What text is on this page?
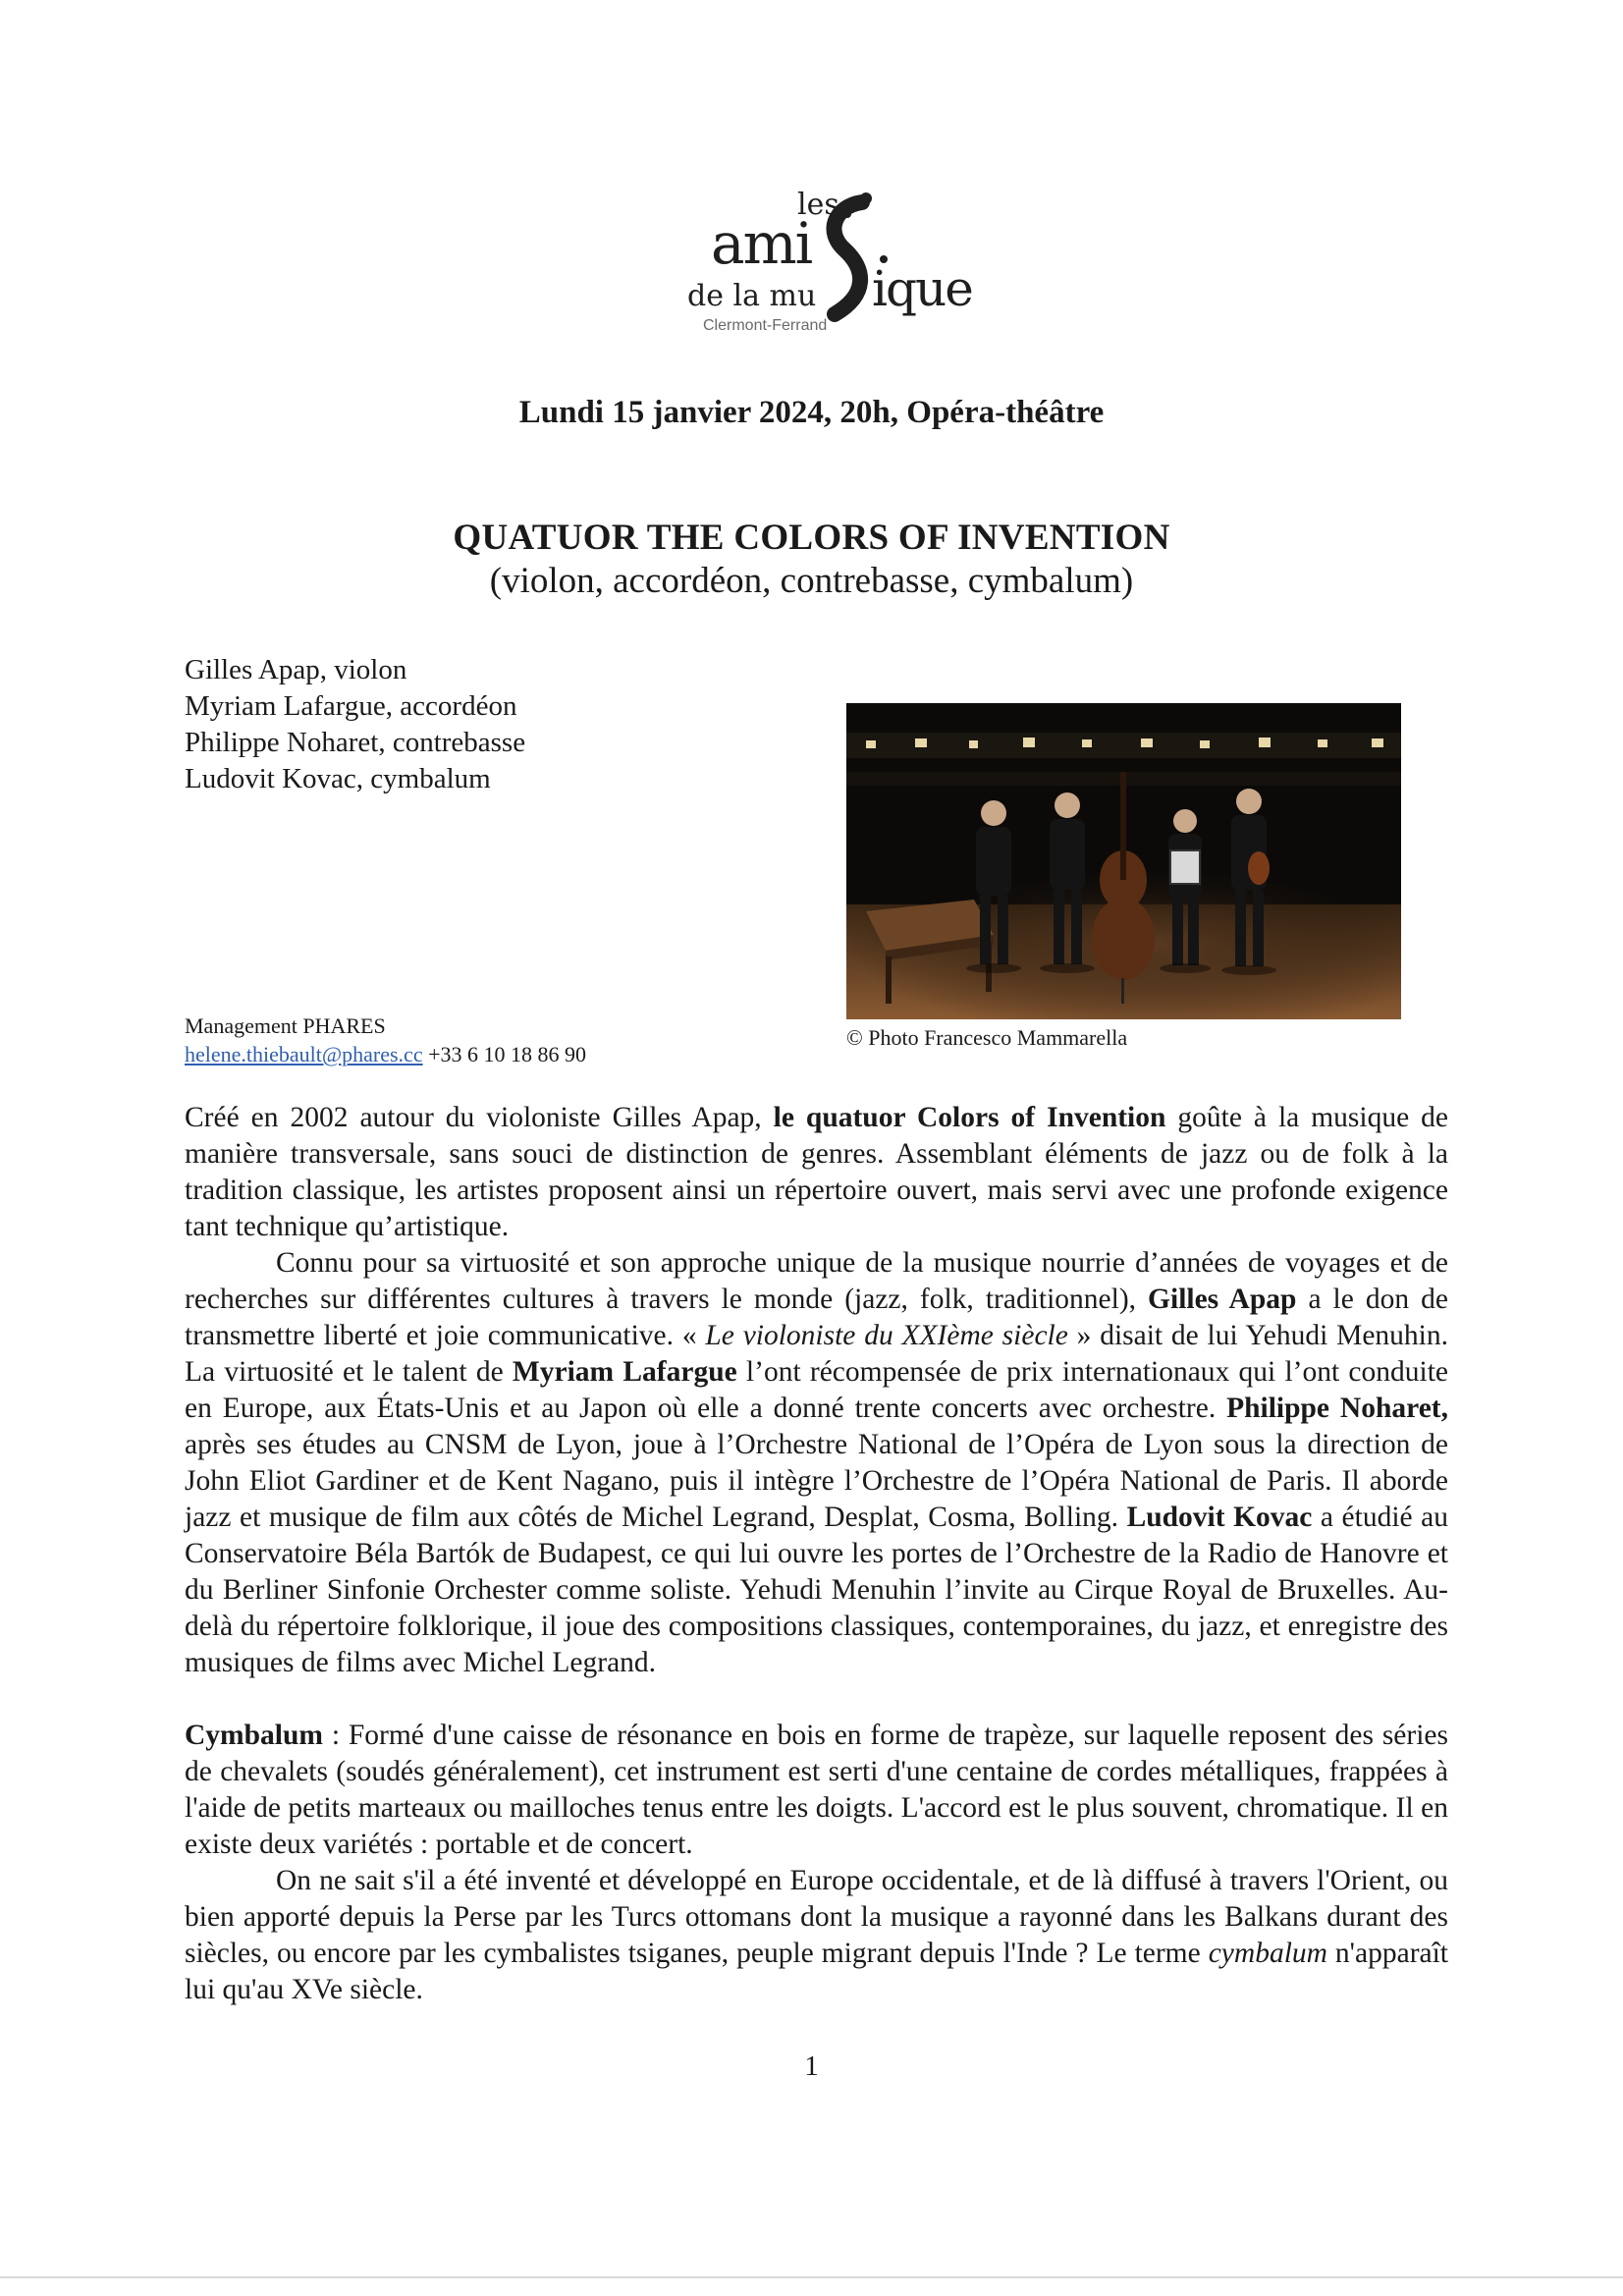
les
ami
de la mu ique
Clermont-Ferrand
Lundi 15 janvier 2024, 20h, Opéra-théâtre
QUATUOR THE COLORS OF INVENTION
(violon, accordéon, contrebasse, cymbalum)
Gilles Apap, violon
Myriam Lafargue, accordéon
Philippe Noharet, contrebasse
Ludovit Kovac, cymbalum
© Photo Francesco Mammarella
Management PHARES
helene.thiebault@phares.cc +33 6 10 18 86 90

Créé en 2002 autour du violoniste Gilles Apap, le quatuor Colors of Invention goûte à la musique de manière transversale, sans souci de distinction de genres. Assemblant éléments de jazz ou de folk à la tradition classique, les artistes proposent ainsi un répertoire ouvert, mais servi avec une profonde exigence tant technique qu’artistique.

Connu pour sa virtuosité et son approche unique de la musique nourrie d’années de voyages et de recherches sur différentes cultures à travers le monde (jazz, folk, traditionnel), Gilles Apap a le don de transmettre liberté et joie communicative. « Le violoniste du XXIème siècle » disait de lui Yehudi Menuhin. La virtuosité et le talent de Myriam Lafargue l’ont récompensée de prix internationaux qui l’ont conduite en Europe, aux États-Unis et au Japon où elle a donné trente concerts avec orchestre. Philippe Noharet, après ses études au CNSM de Lyon, joue à l’Orchestre National de l’Opéra de Lyon sous la direction de John Eliot Gardiner et de Kent Nagano, puis il intègre l’Orchestre de l’Opéra National de Paris. Il aborde jazz et musique de film aux côtés de Michel Legrand, Desplat, Cosma, Bolling. Ludovit Kovac a étudié au Conservatoire Béla Bartók de Budapest, ce qui lui ouvre les portes de l’Orchestre de la Radio de Hanovre et du Berliner Sinfonie Orchester comme soliste. Yehudi Menuhin l’invite au Cirque Royal de Bruxelles. Au-delà du répertoire folklorique, il joue des compositions classiques, contemporaines, du jazz, et enregistre des musiques de films avec Michel Legrand.

Cymbalum : Formé d'une caisse de résonance en bois en forme de trapèze, sur laquelle reposent des séries de chevalets (soudés généralement), cet instrument est serti d'une centaine de cordes métalliques, frappées à l'aide de petits marteaux ou mailloches tenus entre les doigts. L'accord est le plus souvent, chromatique. Il en existe deux variétés : portable et de concert.

On ne sait s'il a été inventé et développé en Europe occidentale, et de là diffusé à travers l'Orient, ou bien apporté depuis la Perse par les Turcs ottomans dont la musique a rayonné dans les Balkans durant des siècles, ou encore par les cymbalistes tsiganes, peuple migrant depuis l'Inde ? Le terme cymbalum n'apparaît lui qu'au XVe siècle.

1
